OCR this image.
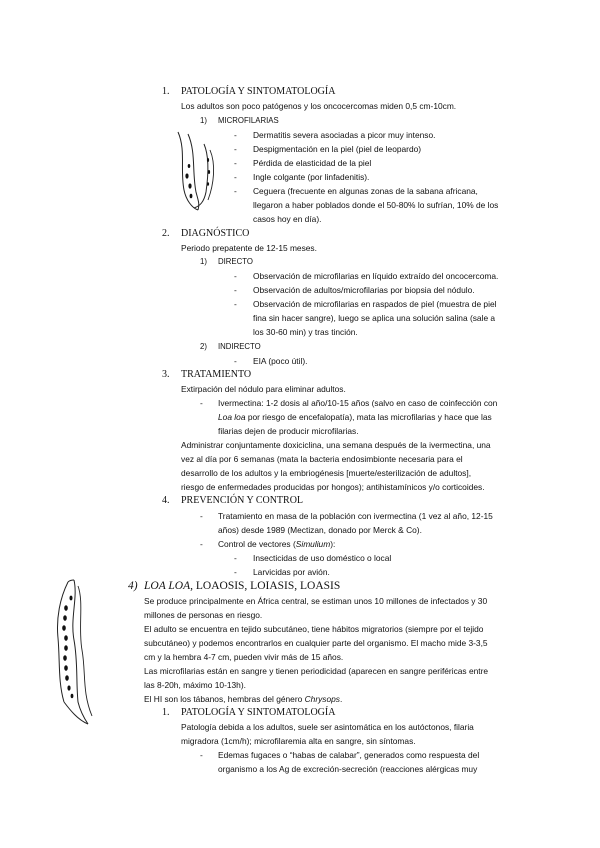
1. PATOLOGÍA Y SINTOMATOLOGÍA
Los adultos son poco patógenos y los oncocercomas miden 0,5 cm-10cm.
1) MICROFILARIAS
- Dermatitis severa asociadas a picor muy intenso.
- Despigmentación en la piel (piel de leopardo)
- Pérdida de elasticidad de la piel
- Ingle colgante (por linfadenitis).
- Ceguera (frecuente en algunas zonas de la sabana africana,
llegaron a haber poblados donde el 50-80% lo sufrían, 10% de los
casos hoy en día).
2. DIAGNÓSTICO
Periodo prepatente de 12-15 meses.
1) DIRECTO
- Observación de microfilarias en líquido extraído del oncocercoma.
- Observación de adultos/microfilarias por biopsia del nódulo.
- Observación de microfilarias en raspados de piel (muestra de piel
fina sin hacer sangre), luego se aplica una solución salina (sale a
los 30-60 min) y tras tinción.
2) INDIRECTO
- EIA (poco útil).
3. TRATAMIENTO
Extirpación del nódulo para eliminar adultos.
- Ivermectina: 1-2 dosis al año/10-15 años (salvo en caso de coinfección con
Loa loa por riesgo de encefalopatía), mata las microfilarias y hace que las
filarias dejen de producir microfilarias.
Administrar conjuntamente doxiciclina, una semana después de la ivermectina, una
vez al día por 6 semanas (mata la bacteria endosimbionte necesaria para el
desarrollo de los adultos y la embriogénesis [muerte/esterilización de adultos],
riesgo de enfermedades producidas por hongos); antihistamínicos y/o corticoides.
4. PREVENCIÓN Y CONTROL
- Tratamiento en masa de la población con ivermectina (1 vez al año, 12-15
años) desde 1989 (Mectizan, donado por Merck & Co).
- Control de vectores (Simulium):
- Insecticidas de uso doméstico o local
- Larvicidas por avión.
4) LOA LOA, LOAOSIS, LOIASIS, LOASIS
Se produce principalmente en África central, se estiman unos 10 millones de infectados y 30
millones de personas en riesgo.
El adulto se encuentra en tejido subcutáneo, tiene hábitos migratorios (siempre por el tejido
subcutáneo) y podemos encontrarlos en cualquier parte del organismo. El macho mide 3-3,5
cm y la hembra 4-7 cm, pueden vivir más de 15 años.
Las microfilarias están en sangre y tienen periodicidad (aparecen en sangre periféricas entre
las 8-20h, máximo 10-13h).
El HI son los tábanos, hembras del género Chrysops.
1. PATOLOGÍA Y SINTOMATOLOGÍA
Patología debida a los adultos, suele ser asintomática en los autóctonos, filaria
migradora (1cm/h); microfilaremia alta en sangre, sin síntomas.
- Edemas fugaces o “habas de calabar”, generados como respuesta del
organismo a los Ag de excreción-secreción (reacciones alérgicas muy
